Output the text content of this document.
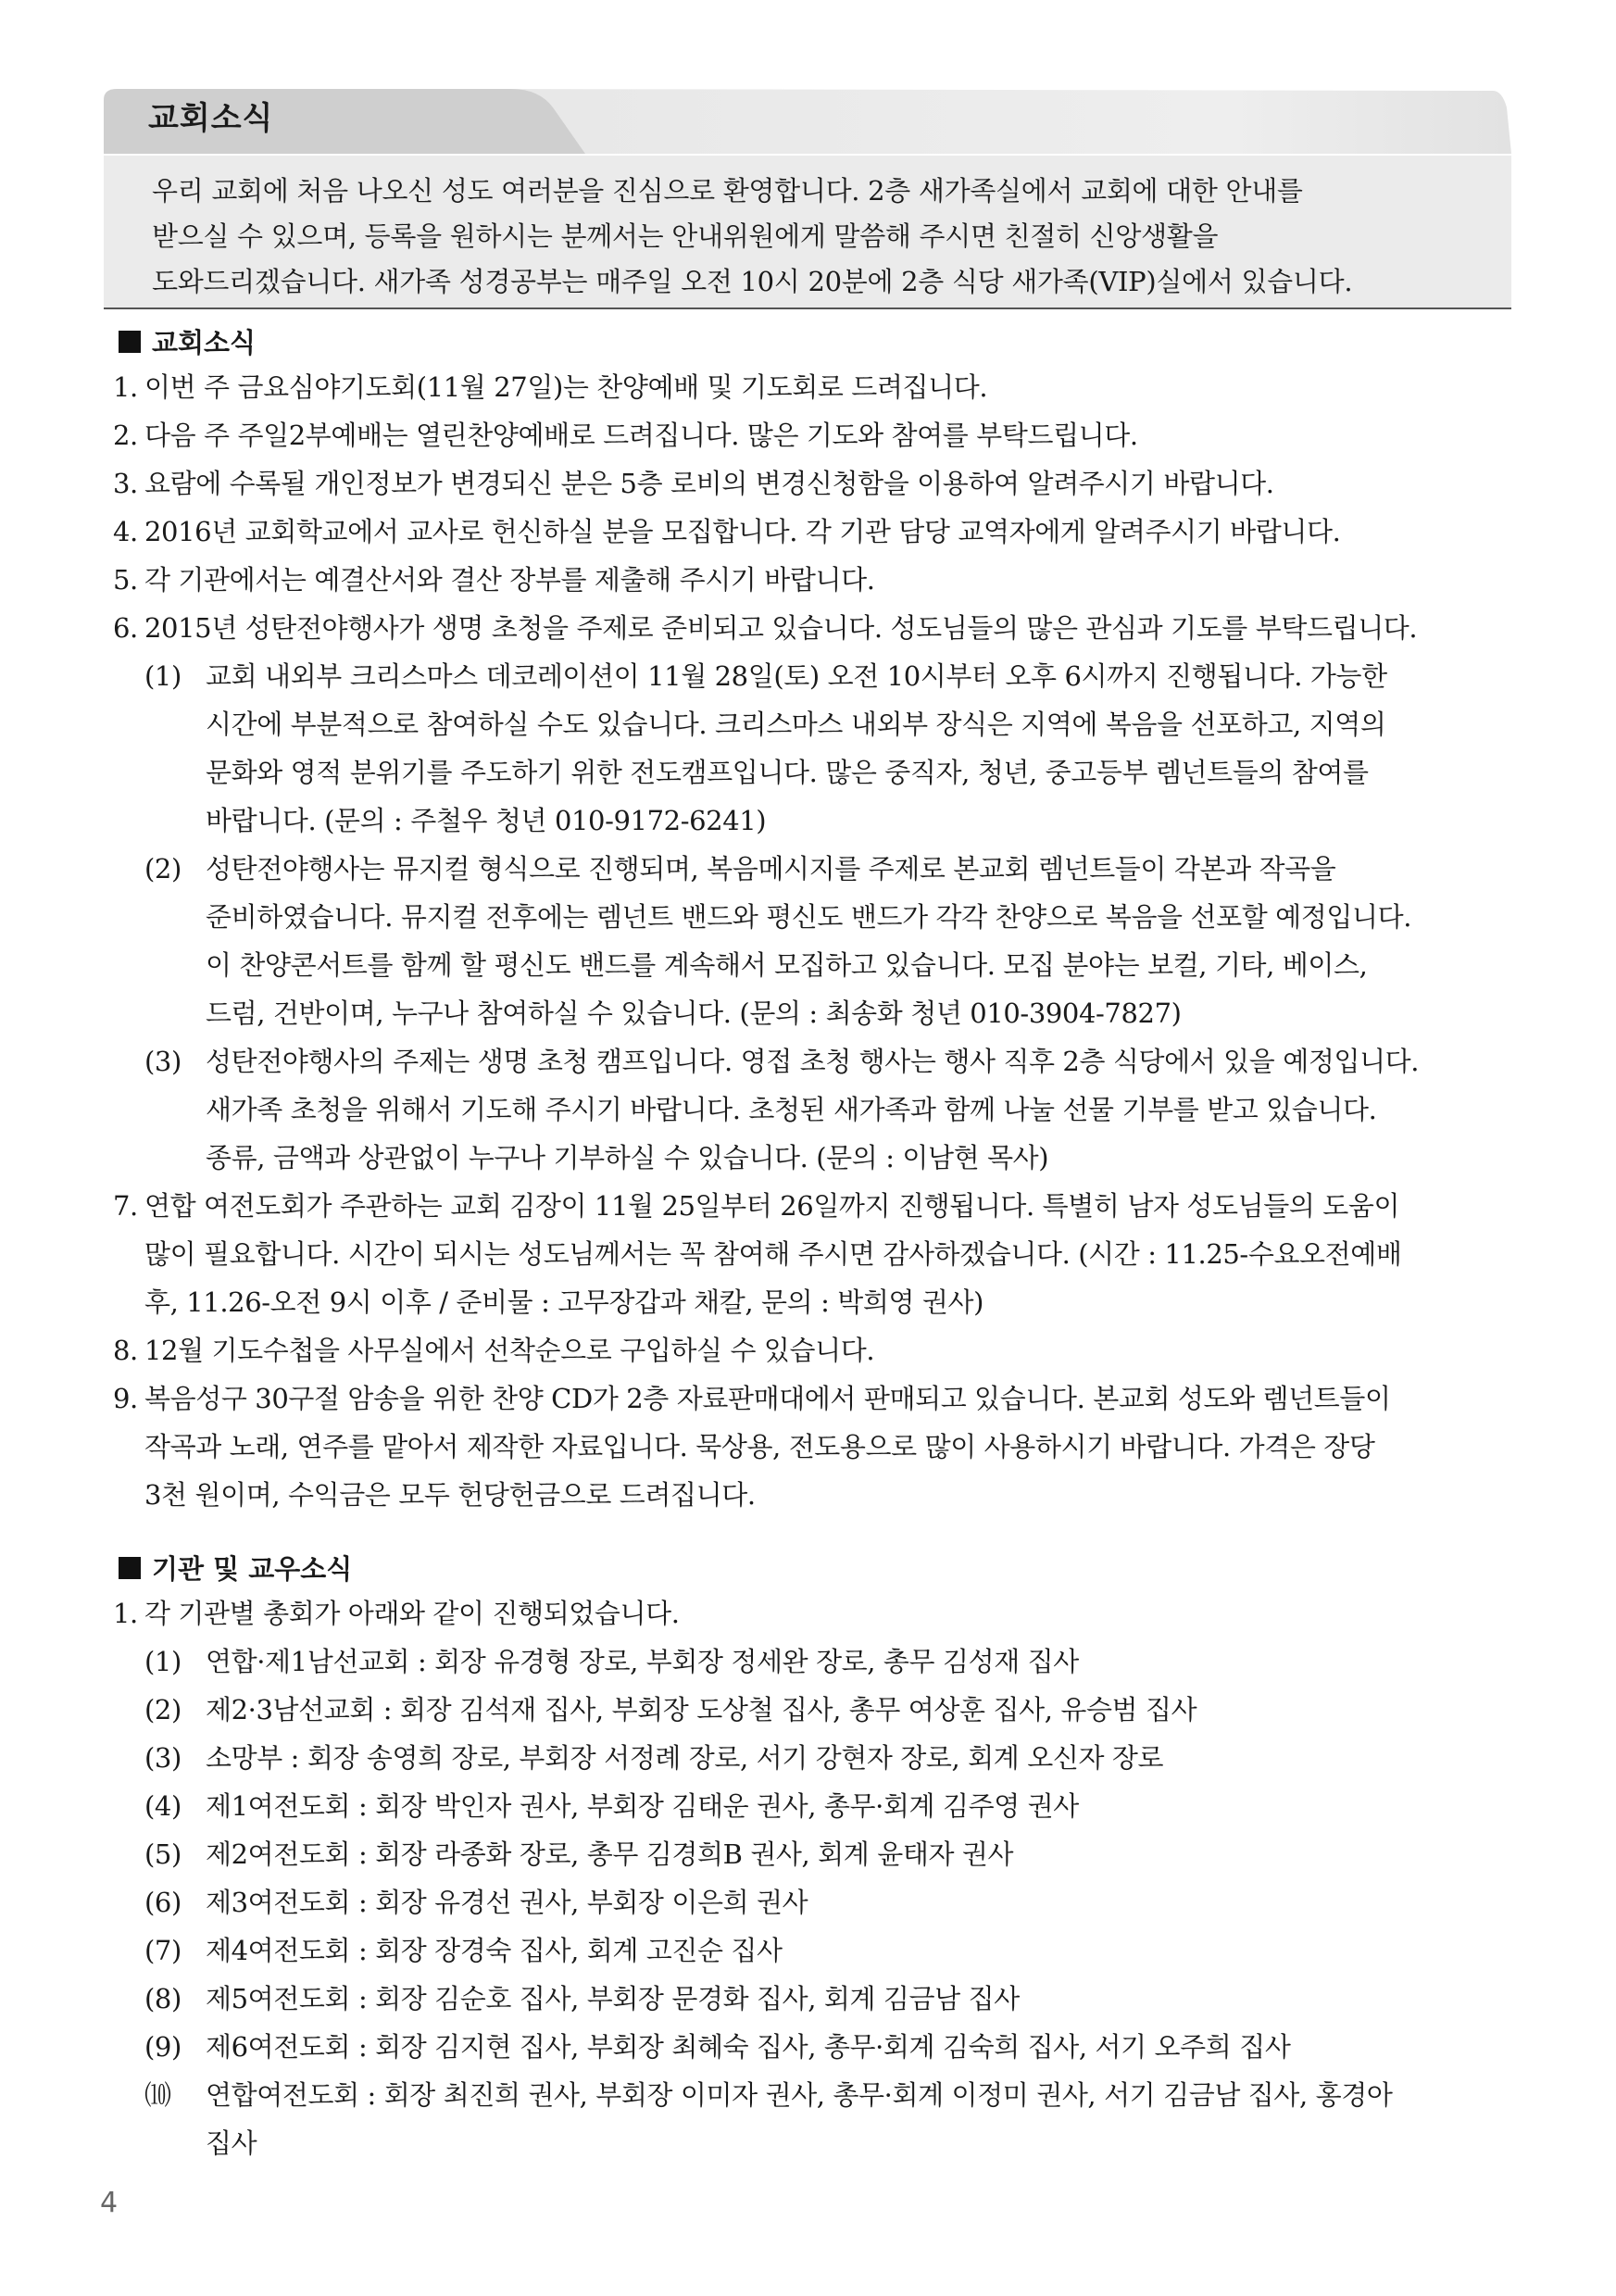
교회소식

우리 교회에 처음 나오신 성도 여러분을 진심으로 환영합니다. 2층 새가족실에서 교회에 대한 안내를

받으실 수 있으며, 등록을 원하시는 분께서는 안내위원에게 말씀해 주시면 친절히 신앙생활을

도와드리겠습니다. 새가족 성경공부는 매주일 오전 10시 20분에 2층 식당 새가족(VIP)실에서 있습니다.

교회소식
1. 이번 주 금요심야기도회(11월 27일)는 찬양예배 및 기도회로 드려집니다.
2. 다음 주 주일2부예배는 열린찬양예배로 드려집니다. 많은 기도와 참여를 부탁드립니다.
3. 요람에 수록될 개인정보가 변경되신 분은 5층 로비의 변경신청함을 이용하여 알려주시기 바랍니다.
4. 2016년 교회학교에서 교사로 헌신하실 분을 모집합니다. 각 기관 담당 교역자에게 알려주시기 바랍니다.
5. 각 기관에서는 예결산서와 결산 장부를 제출해 주시기 바랍니다.
6. 2015년 성탄전야행사가 생명 초청을 주제로 준비되고 있습니다. 성도님들의 많은 관심과 기도를 부탁드립니다.
(1) 교회 내외부 크리스마스 데코레이션이 11월 28일(토) 오전 10시부터 오후 6시까지 진행됩니다. 가능한
시간에 부분적으로 참여하실 수도 있습니다. 크리스마스 내외부 장식은 지역에 복음을 선포하고, 지역의
문화와 영적 분위기를 주도하기 위한 전도캠프입니다. 많은 중직자, 청년, 중고등부 렘넌트들의 참여를
바랍니다. (문의 : 주철우 청년 010-9172-6241)
(2) 성탄전야행사는 뮤지컬 형식으로 진행되며, 복음메시지를 주제로 본교회 렘넌트들이 각본과 작곡을
준비하였습니다. 뮤지컬 전후에는 렘넌트 밴드와 평신도 밴드가 각각 찬양으로 복음을 선포할 예정입니다.
이 찬양콘서트를 함께 할 평신도 밴드를 계속해서 모집하고 있습니다. 모집 분야는 보컬, 기타, 베이스,
드럼, 건반이며, 누구나 참여하실 수 있습니다. (문의 : 최송화 청년 010-3904-7827)
(3) 성탄전야행사의 주제는 생명 초청 캠프입니다. 영접 초청 행사는 행사 직후 2층 식당에서 있을 예정입니다.
새가족 초청을 위해서 기도해 주시기 바랍니다. 초청된 새가족과 함께 나눌 선물 기부를 받고 있습니다.
종류, 금액과 상관없이 누구나 기부하실 수 있습니다. (문의 : 이남현 목사)
7. 연합 여전도회가 주관하는 교회 김장이 11월 25일부터 26일까지 진행됩니다. 특별히 남자 성도님들의 도움이
많이 필요합니다. 시간이 되시는 성도님께서는 꼭 참여해 주시면 감사하겠습니다. (시간 : 11.25-수요오전예배
후, 11.26-오전 9시 이후 / 준비물 : 고무장갑과 채칼, 문의 : 박희영 권사)
8. 12월 기도수첩을 사무실에서 선착순으로 구입하실 수 있습니다.
9. 복음성구 30구절 암송을 위한 찬양 CD가 2층 자료판매대에서 판매되고 있습니다. 본교회 성도와 렘넌트들이
작곡과 노래, 연주를 맡아서 제작한 자료입니다. 묵상용, 전도용으로 많이 사용하시기 바랍니다. 가격은 장당
3천 원이며, 수익금은 모두 헌당헌금으로 드려집니다.
기관 및 교우소식
1. 각 기관별 총회가 아래와 같이 진행되었습니다.
(1) 연합·제1남선교회 : 회장 유경형 장로, 부회장 정세완 장로, 총무 김성재 집사
(2) 제2·3남선교회 : 회장 김석재 집사, 부회장 도상철 집사, 총무 여상훈 집사, 유승범 집사
(3) 소망부 : 회장 송영희 장로, 부회장 서정례 장로, 서기 강현자 장로, 회계 오신자 장로
(4) 제1여전도회 : 회장 박인자 권사, 부회장 김태운 권사, 총무·회계 김주영 권사
(5) 제2여전도회 : 회장 라종화 장로, 총무 김경희B 권사, 회계 윤태자 권사
(6) 제3여전도회 : 회장 유경선 권사, 부회장 이은희 권사
(7) 제4여전도회 : 회장 장경숙 집사, 회계 고진순 집사
(8) 제5여전도회 : 회장 김순호 집사, 부회장 문경화 집사, 회계 김금남 집사
(9) 제6여전도회 : 회장 김지현 집사, 부회장 최혜숙 집사, 총무·회계 김숙희 집사, 서기 오주희 집사
⑽	연합여전도회 : 회장 최진희 권사, 부회장 이미자 권사, 총무·회계 이정미 권사, 서기 김금남 집사, 홍경아
집사
4
